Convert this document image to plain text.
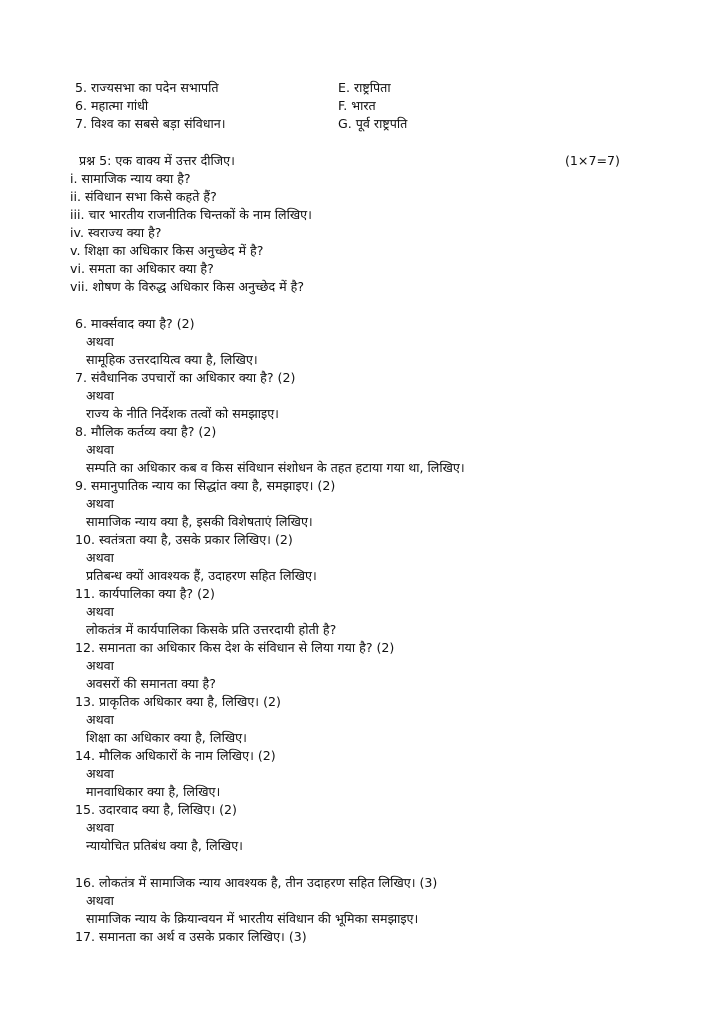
5. राज्यसभा का पदेन सभापति	E. राष्ट्रपिता
6. महात्मा गांधी	F. भारत
7. विश्व का सबसे बड़ा संविधान।	G. पूर्व राष्ट्रपति
प्रश्न 5: एक वाक्य में उत्तर दीजिए।	(1×7=7)
i. सामाजिक न्याय क्या है?
ii. संविधान सभा किसे कहते हैं?
iii. चार भारतीय राजनीतिक चिन्तकों के नाम लिखिए।
iv. स्वराज्य क्या है?
v. शिक्षा का अधिकार किस अनुच्छेद में है?
vi. समता का अधिकार क्या है?
vii. शोषण के विरुद्ध अधिकार किस अनुच्छेद में है?
6. मार्क्सवाद क्या है? (2)
अथवा
सामूहिक उत्तरदायित्व क्या है, लिखिए।
7. संवैधानिक उपचारों का अधिकार क्या है? (2)
अथवा
राज्य के नीति निर्देशक तत्वों को समझाइए।
8. मौलिक कर्तव्य क्या है? (2)
अथवा
सम्पति का अधिकार कब व किस संविधान संशोधन के तहत हटाया गया था, लिखिए।
9. समानुपातिक न्याय का सिद्धांत क्या है, समझाइए। (2)
अथवा
सामाजिक न्याय क्या है, इसकी विशेषताएं लिखिए।
10. स्वतंत्रता क्या है, उसके प्रकार लिखिए। (2)
अथवा
प्रतिबन्ध क्यों आवश्यक हैं, उदाहरण सहित लिखिए।
11. कार्यपालिका क्या है? (2)
अथवा
लोकतंत्र में कार्यपालिका किसके प्रति उत्तरदायी होती है?
12. समानता का अधिकार किस देश के संविधान से लिया गया है? (2)
अथवा
अवसरों की समानता क्या है?
13. प्राकृतिक अधिकार क्या है, लिखिए। (2)
अथवा
शिक्षा का अधिकार क्या है, लिखिए।
14. मौलिक अधिकारों के नाम लिखिए। (2)
अथवा
मानवाधिकार क्या है, लिखिए।
15. उदारवाद क्या है, लिखिए। (2)
अथवा
न्यायोचित प्रतिबंध क्या है, लिखिए।
16. लोकतंत्र में सामाजिक न्याय आवश्यक है, तीन उदाहरण सहित लिखिए। (3)
अथवा
सामाजिक न्याय के क्रियान्वयन में भारतीय संविधान की भूमिका समझाइए।
17. समानता का अर्थ व उसके प्रकार लिखिए। (3)
